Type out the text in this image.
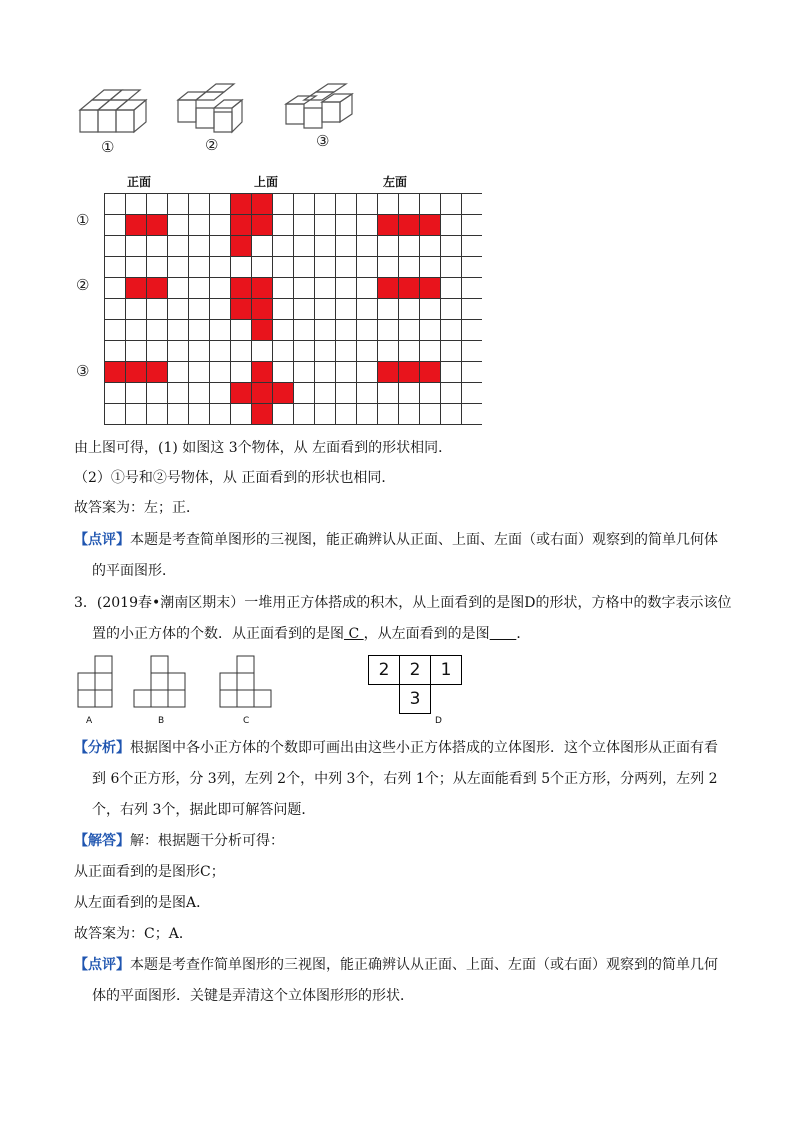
①	②	③
正面	上面	左面
①
②
③
由上图可得，(1) 如图这 3个物体，从 左面看到的形状相同．
（2）①号和②号物体，从 正面看到的形状也相同．
故答案为：左；正．
【点评】本题是考查简单图形的三视图，能正确辨认从正面、上面、左面（或右面）观察到的简单几何体
的平面图形．
3．(2019春•潮南区期末）一堆用正方体搭成的积木，从上面看到的是图D的形状，方格中的数字表示该位
置的小正方体的个数．从正面看到的是图 C ，从左面看到的是图 ．
A	B	C
2	2	1
	3	
D
【分析】根据图中各小正方体的个数即可画出由这些小正方体搭成的立体图形．这个立体图形从正面有看
到 6个正方形，分 3列，左列 2个，中列 3个，右列 1个；从左面能看到 5个正方形，分两列，左列 2
个，右列 3个，据此即可解答问题．
【解答】解：根据题干分析可得：
从正面看到的是图形C；
从左面看到的是图A．
故答案为：C；A．
【点评】本题是考查作简单图形的三视图，能正确辨认从正面、上面、左面（或右面）观察到的简单几何
体的平面图形．关键是弄清这个立体图形形的形状．
